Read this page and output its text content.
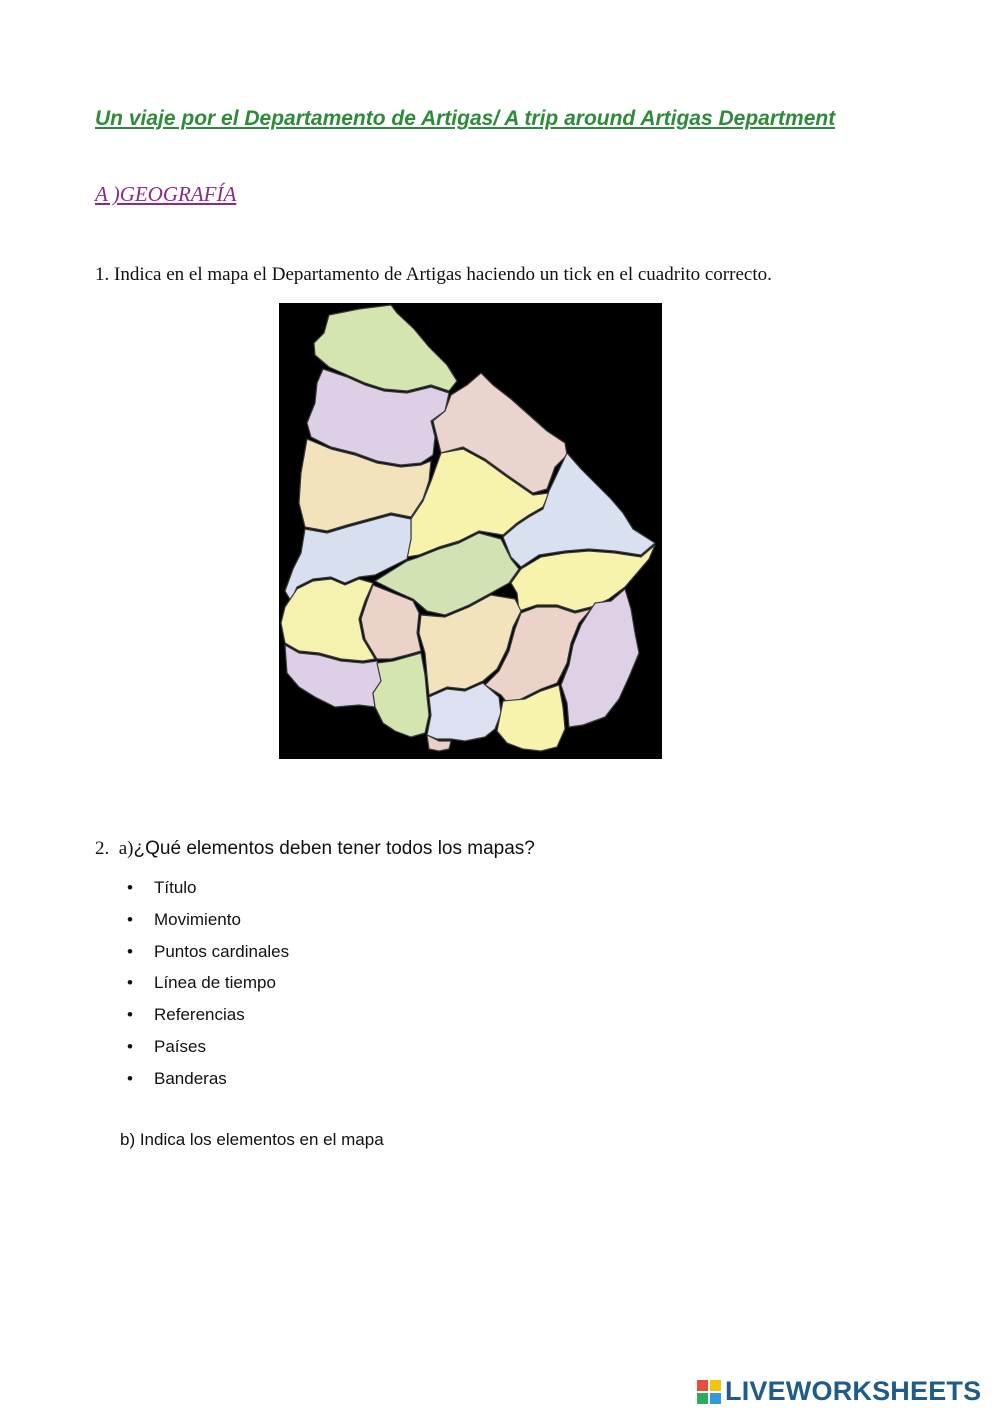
Un viaje por el Departamento de Artigas/ A trip around Artigas Department
A )GEOGRAFÍA
1. Indica en el mapa el Departamento de Artigas haciendo un tick en el cuadrito correcto.
2. a)¿Qué elementos deben tener todos los mapas?
• Título
• Movimiento
• Puntos cardinales
• Línea de tiempo
• Referencias
• Países
• Banderas
b) Indica los elementos en el mapa
LIVEWORKSHEETS
